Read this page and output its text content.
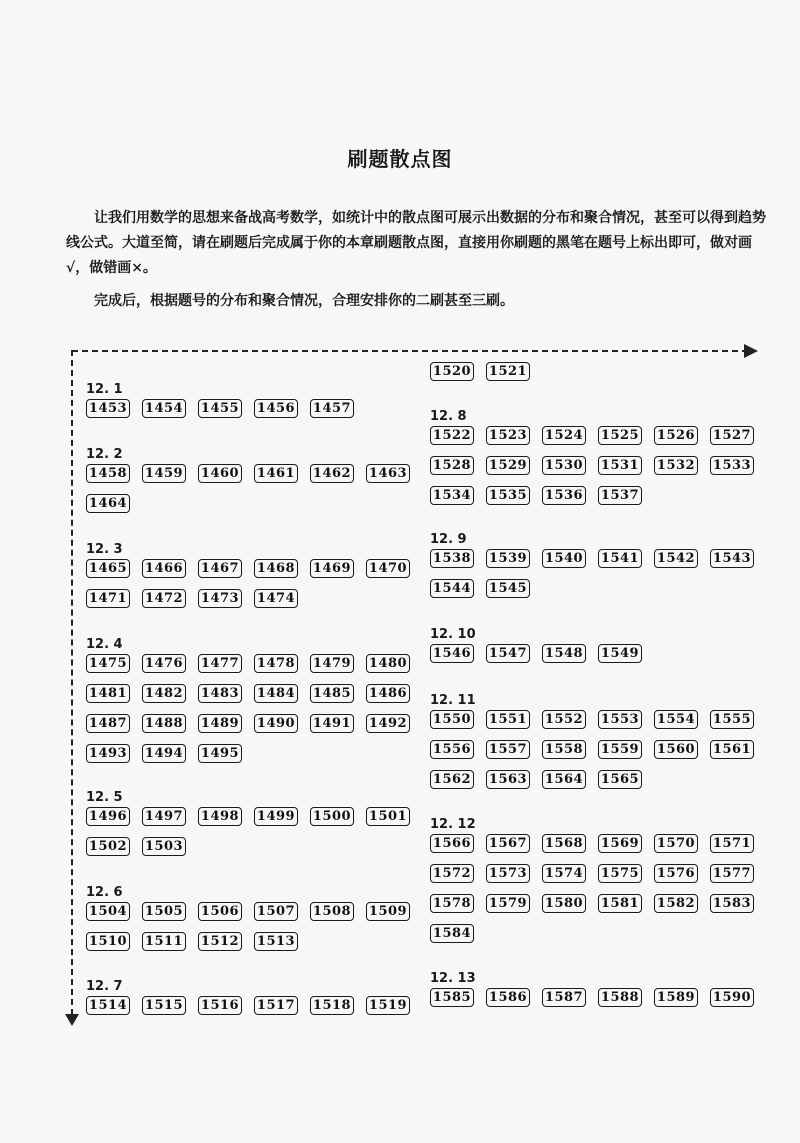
刷题散点图

让我们用数学的思想来备战高考数学，如统计中的散点图可展示出数据的分布和聚合情况，甚至可以得到趋势线公式。大道至简，请在刷题后完成属于你的本章刷题散点图，直接用你刷题的黑笔在题号上标出即可，做对画√，做错画×。

完成后，根据题号的分布和聚合情况，合理安排你的二刷甚至三刷。

12. 1
1453 1454 1455 1456 1457
12. 2
1458 1459 1460 1461 1462 1463
1464
12. 3
1465 1466 1467 1468 1469 1470
1471 1472 1473 1474
12. 4
1475 1476 1477 1478 1479 1480
1481 1482 1483 1484 1485 1486
1487 1488 1489 1490 1491 1492
1493 1494 1495
12. 5
1496 1497 1498 1499 1500 1501
1502 1503
12. 6
1504 1505 1506 1507 1508 1509
1510 1511 1512 1513
12. 7
1514 1515 1516 1517 1518 1519
1520 1521
12. 8
1522 1523 1524 1525 1526 1527
1528 1529 1530 1531 1532 1533
1534 1535 1536 1537
12. 9
1538 1539 1540 1541 1542 1543
1544 1545
12. 10
1546 1547 1548 1549
12. 11
1550 1551 1552 1553 1554 1555
1556 1557 1558 1559 1560 1561
1562 1563 1564 1565
12. 12
1566 1567 1568 1569 1570 1571
1572 1573 1574 1575 1576 1577
1578 1579 1580 1581 1582 1583
1584
12. 13
1585 1586 1587 1588 1589 1590
